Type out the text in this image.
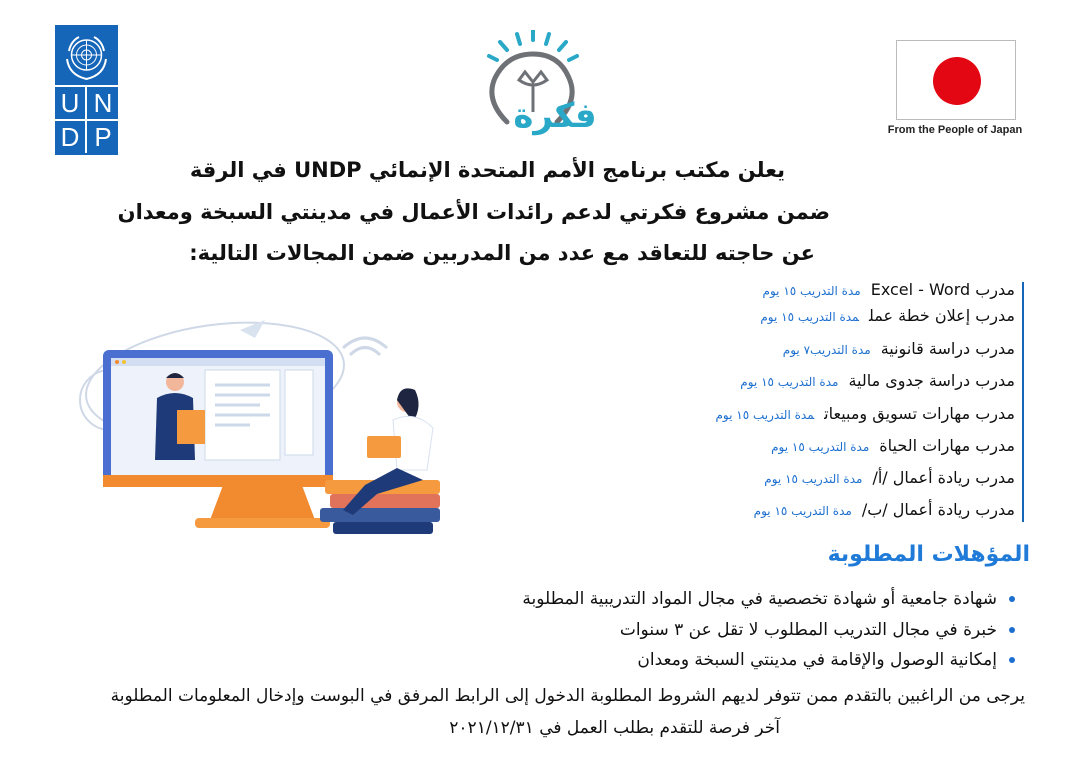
U N
D P
فكرة	From the People of Japan
يعلن مكتب برنامج الأمم المتحدة الإنمائي UNDP في الرقة
ضمن مشروع فكرتي لدعم رائدات الأعمال في مدينتي السبخة ومعدان
عن حاجته للتعاقد مع عدد من المدربين ضمن المجالات التالية:
مدرب Excel - Wordمدة التدريب ١٥ يوم
مدرب إعلان خطة عملمدة التدريب ١٥ يوم
مدرب دراسة قانونيةمدة التدريب٧ يوم
مدرب دراسة جدوى ماليةمدة التدريب ١٥ يوم
مدرب مهارات تسويق ومبيعاتمدة التدريب ١٥ يوم
مدرب مهارات الحياةمدة التدريب ١٥ يوم
مدرب ريادة أعمال /أ/مدة التدريب ١٥ يوم
مدرب ريادة أعمال /ب/مدة التدريب ١٥ يوم
المؤهلات المطلوبة
شهادة جامعية أو شهادة تخصصية في مجال المواد التدريبية المطلوبة
خبرة في مجال التدريب المطلوب لا تقل عن ٣ سنوات
إمكانية الوصول والإقامة في مدينتي السبخة ومعدان
يرجى من الراغبين بالتقدم ممن تتوفر لديهم الشروط المطلوبة الدخول إلى الرابط المرفق في البوست وإدخال المعلومات المطلوبة
آخر فرصة للتقدم بطلب العمل في ٢٠٢١/١٢/٣١
